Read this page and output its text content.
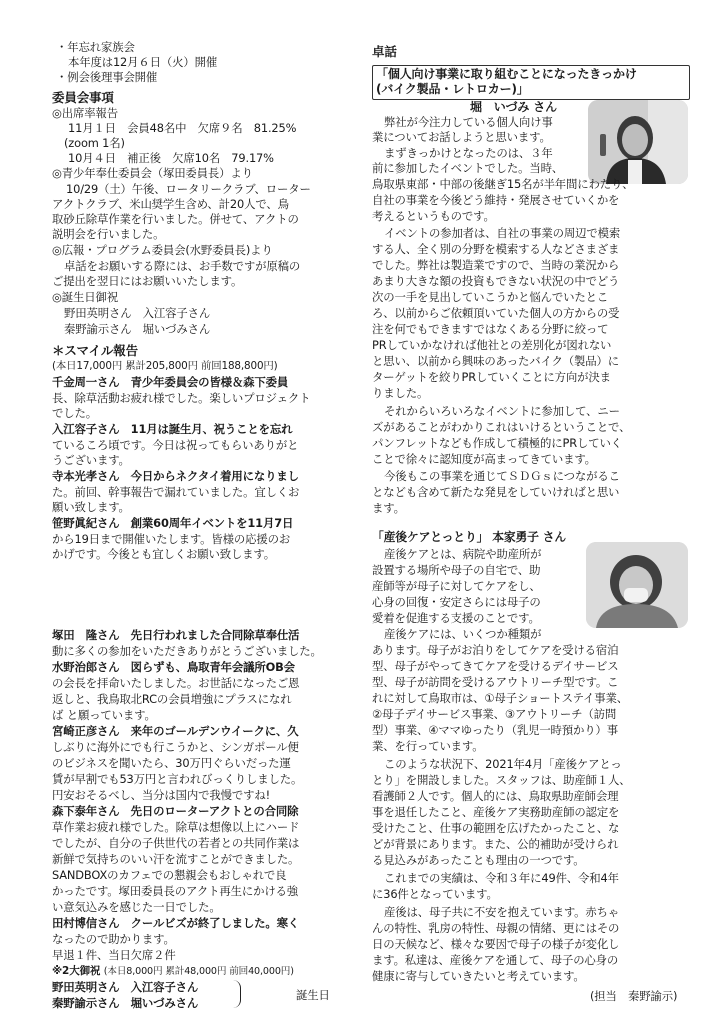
・年忘れ家族会
本年度は12月６日（火）開催
・例会後理事会開催
委員会事項
◎出席率報告
11月１日　会員48名中　欠席９名　81.25%
(zoom 1名)
10月４日　補正後　欠席10名　79.17%
◎青少年奉仕委員会（塚田委員長）より
10/29（土）午後、ロータリークラブ、ローター
アクトクラブ、米山奨学生含め、計20人で、鳥
取砂丘除草作業を行いました。併せて、アクトの
説明会を行いました。
◎広報・プログラム委員会(水野委員長)より
卓話をお願いする際には、お手数ですが原稿の
ご提出を翌日にはお願いいたします。
◎誕生日御祝
野田英明さん　入江容子さん
秦野諭示さん　堀いづみさん
＊スマイル報告
(本日17,000円 累計205,800円 前回188,800円)
千金周一さん　青少年委員会の皆様＆森下委員
長、除草活動お疲れ様でした。楽しいプロジェクト
でした。
入江容子さん　11月は誕生月、祝うことを忘れ
ているころ頃です。今日は祝ってもらいありがと
うございます。
寺本光孝さん　今日からネクタイ着用になりまし
た。前回、幹事報告で漏れていました。宜しくお
願い致します。
笹野眞紀さん　創業60周年イベントを11月7日
から19日まで開催いたします。皆様の応援のお
かげです。今後とも宜しくお願い致します。
塚田　隆さん　先日行われました合同除草奉仕活
動に多くの参加をいただきありがとうございました。
水野治郎さん　図らずも、鳥取青年会議所OB会
の会長を拝命いたしました。お世話になったご恩
返しと、我鳥取北RCの会員増強にプラスになれ
ば と願っています。
宮崎正彦さん　来年のゴールデンウイークに、久
しぶりに海外にでも行こうかと、シンガポール便
のビジネスを聞いたら、30万円ぐらいだった運
賃が早割でも53万円と言われびっくりしました。
円安おそるべし、当分は国内で我慢ですね!
森下泰年さん　先日のローターアクトとの合同除
草作業お疲れ様でした。除草は想像以上にハード
でしたが、自分の子供世代の若者との共同作業は
新鮮で気持ちのいい汗を流すことができました。
SANDBOXのカフェでの懇親会もおしゃれで良
かったです。塚田委員長のアクト再生にかける強
い意気込みを感じた一日でした。
田村博信さん　クールビズが終了しました。寒く
なったので助かります。
早退１件、当日欠席２件
※2大御祝 (本日8,000円 累計48,000円 前回40,000円)
野田英明さん　入江容子さん
秦野諭示さん　堀いづみさん
誕生日
卓話
「個人向け事業に取り組むことになったきっかけ
(バイク製品・レトロカー)」
堀　いづみ さん
弊社が今注力している個人向け事
業についてお話しようと思います。
まずきっかけとなったのは、３年
前に参加したイベントでした。当時、
鳥取県東部・中部の後継ぎ15名が半年間にわたり、
自社の事業を今後どう維持・発展させていくかを
考えるというものです。
イベントの参加者は、自社の事業の周辺で模索
する人、全く別の分野を模索する人などさまざま
でした。弊社は製造業ですので、当時の業況から
あまり大きな額の投資もできない状況の中でどう
次の一手を見出していこうかと悩んでいたとこ
ろ、以前からご依頼頂いていた個人の方からの受
注を何でもできますではなくある分野に絞って
PRしていかなければ他社との差別化が図れない
と思い、以前から興味のあったバイク（製品）に
ターゲットを絞りPRしていくことに方向が決ま
りました。
それからいろいろなイベントに参加して、ニー
ズがあることがわかりこれはいけるということで、
パンフレットなども作成して積極的にPRしていく
ことで徐々に認知度が高まってきています。
今後もこの事業を通じてＳＤＧｓにつながるこ
となども含めて新たな発見をしていければと思い
ます。
「産後ケアとっとり」 本家勇子 さん
産後ケアとは、病院や助産所が
設置する場所や母子の自宅で、助
産師等が母子に対してケアをし、
心身の回復・安定さらには母子の
愛着を促進する支援のことです。
産後ケアには、いくつか種類が
あります。母子がお泊りをしてケアを受ける宿泊
型、母子がやってきてケアを受けるデイサービス
型、母子が訪問を受けるアウトリーチ型です。こ
れに対して鳥取市は、①母子ショートステイ事業、
②母子デイサービス事業、③アウトリーチ（訪問
型）事業、④ママゆったり（乳児一時預かり）事
業、を行っています。
このような状況下、2021年4月「産後ケアとっ
とり」を開設しました。スタッフは、助産師１人、
看護師２人です。個人的には、鳥取県助産師会理
事を退任したこと、産後ケア実務助産師の認定を
受けたこと、仕事の範囲を広げたかったこと、な
どが背景にあります。また、公的補助が受けられ
る見込みがあったことも理由の一つです。
これまでの実績は、令和３年に49件、令和4年
に36件となっています。
産後は、母子共に不安を抱えています。赤ちゃ
んの特性、乳房の特性、母親の情緒、更にはその
日の天候など、様々な要因で母子の様子が変化し
ます。私達は、産後ケアを通して、母子の心身の
健康に寄与していきたいと考えています。
(担当　秦野諭示)
